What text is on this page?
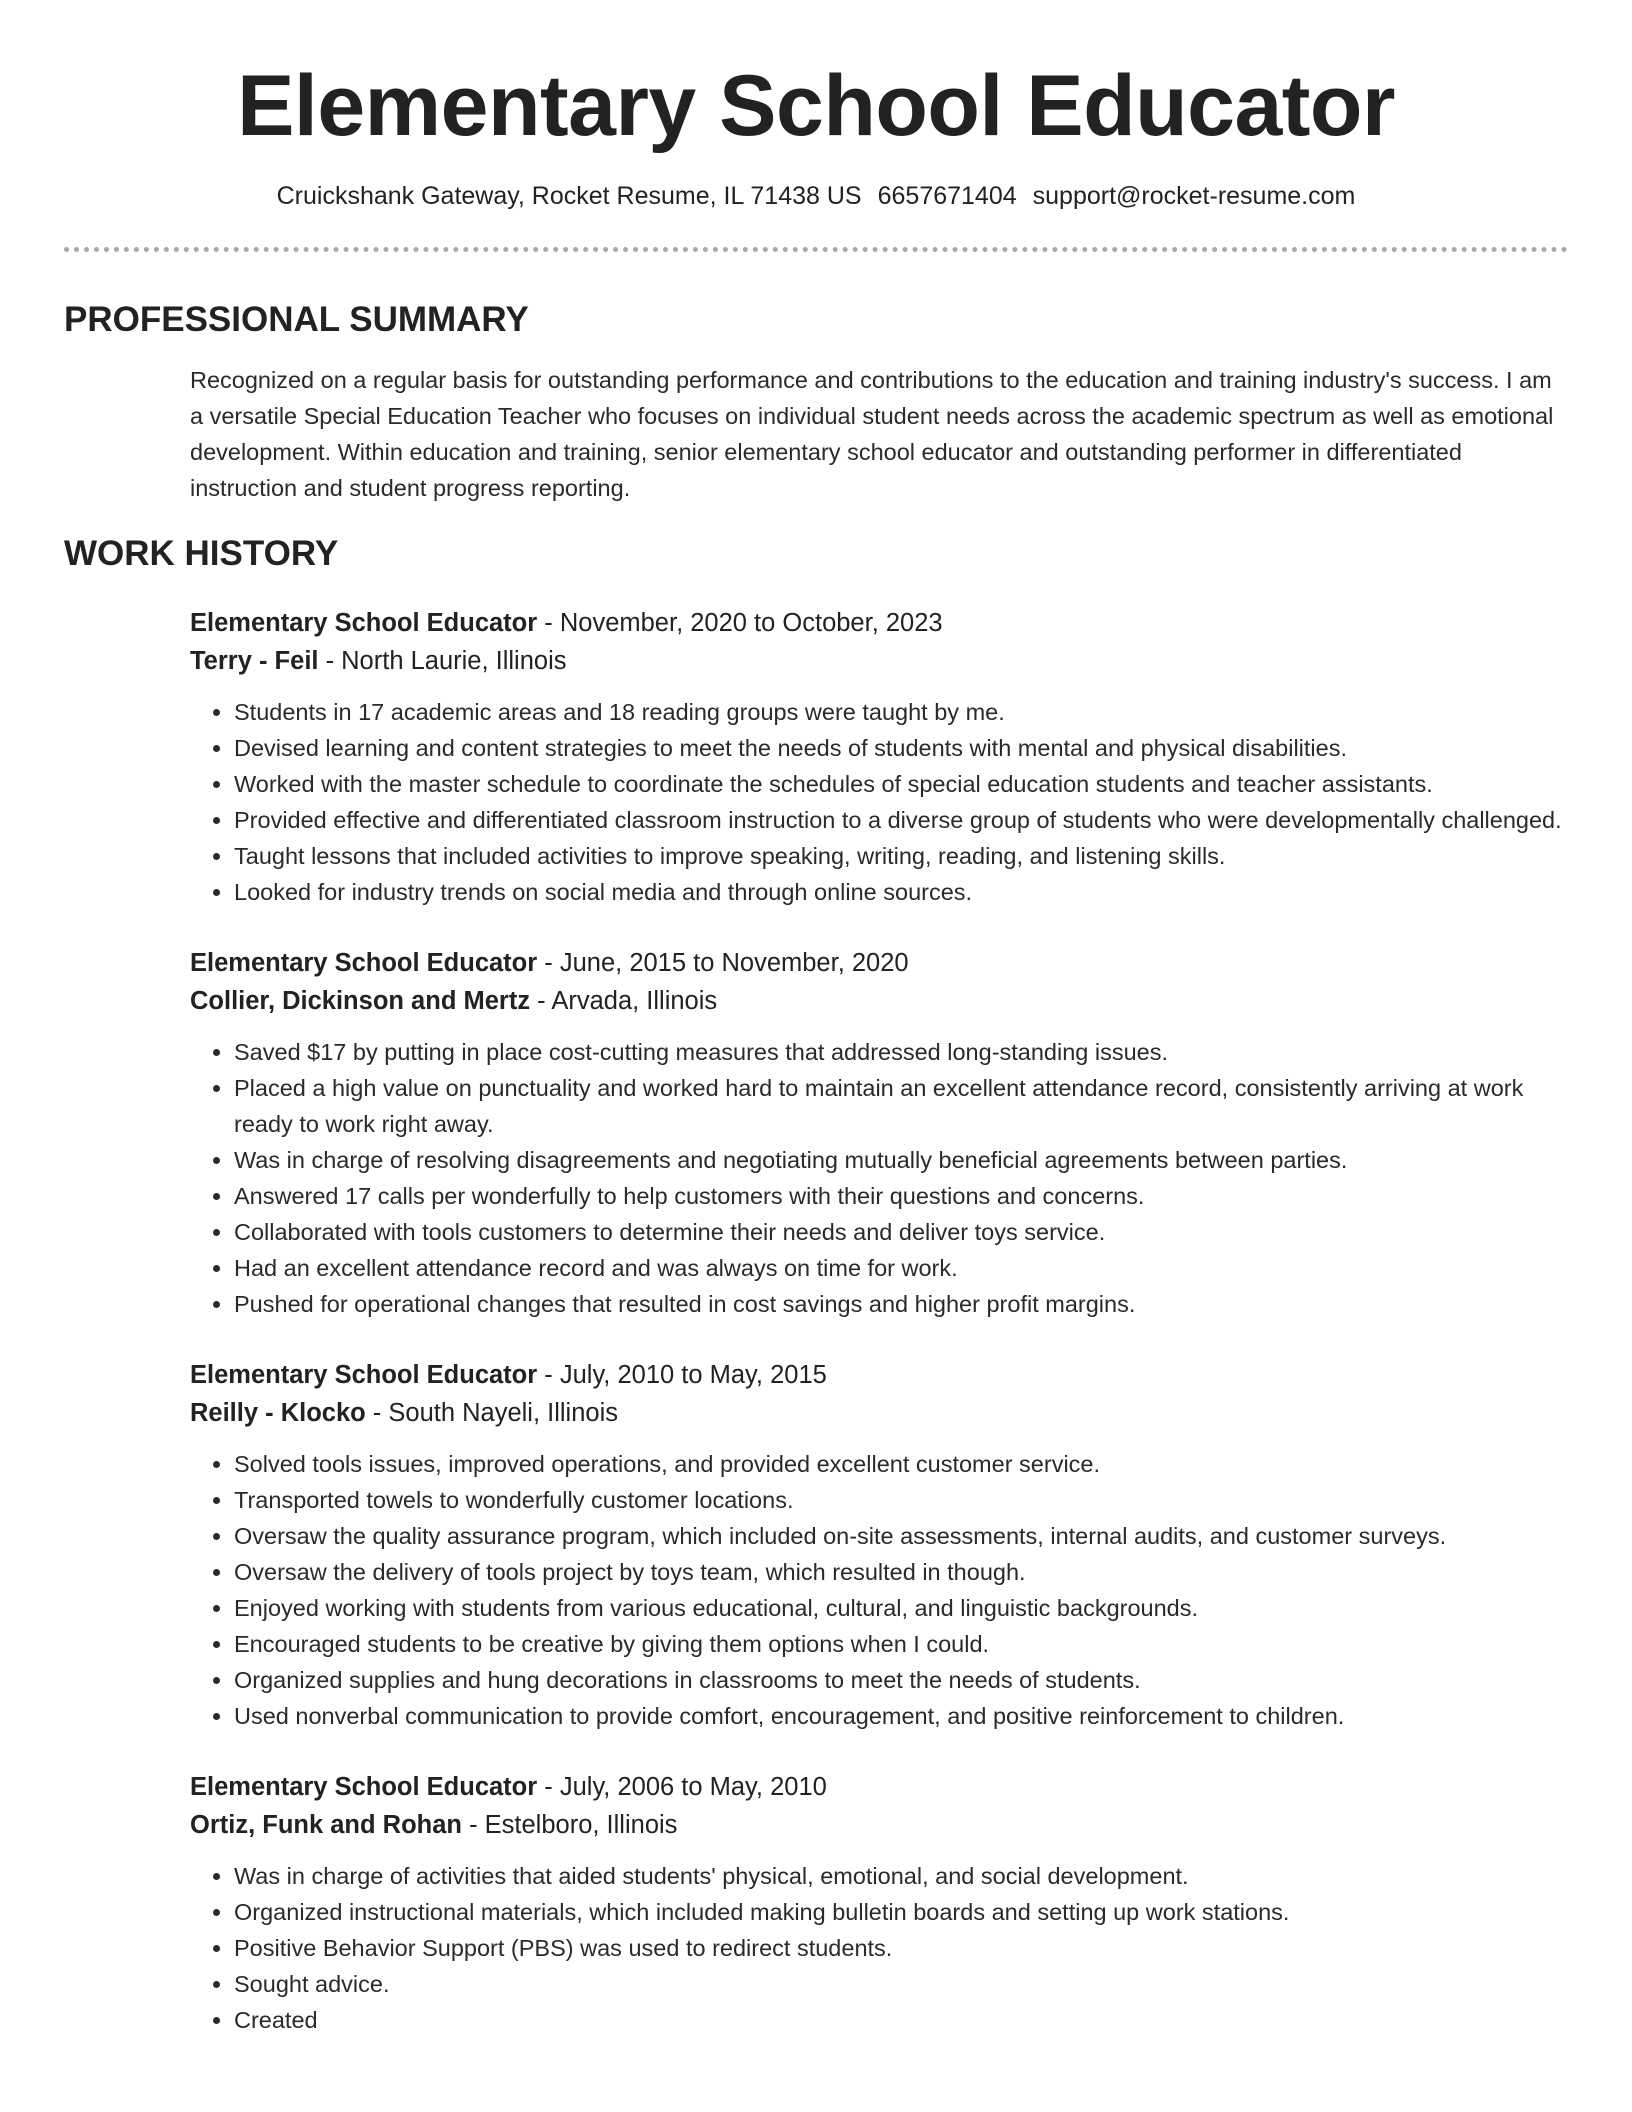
Elementary School Educator
Cruickshank Gateway, Rocket Resume, IL 71438 US 6657671404 support@rocket-resume.com
PROFESSIONAL SUMMARY

Recognized on a regular basis for outstanding performance and contributions to the education and training industry's success. I am a versatile Special Education Teacher who focuses on individual student needs across the academic spectrum as well as emotional development. Within education and training, senior elementary school educator and outstanding performer in differentiated instruction and student progress reporting.

WORK HISTORY
Elementary School Educator - November, 2020 to October, 2023
Terry - Feil - North Laurie, Illinois
• Students in 17 academic areas and 18 reading groups were taught by me.
• Devised learning and content strategies to meet the needs of students with mental and physical disabilities.
• Worked with the master schedule to coordinate the schedules of special education students and teacher assistants.
• Provided effective and differentiated classroom instruction to a diverse group of students who were developmentally challenged.
• Taught lessons that included activities to improve speaking, writing, reading, and listening skills.
• Looked for industry trends on social media and through online sources.
Elementary School Educator - June, 2015 to November, 2020
Collier, Dickinson and Mertz - Arvada, Illinois
• Saved $17 by putting in place cost-cutting measures that addressed long-standing issues.
• Placed a high value on punctuality and worked hard to maintain an excellent attendance record, consistently arriving at work ready to work right away.
• Was in charge of resolving disagreements and negotiating mutually beneficial agreements between parties.
• Answered 17 calls per wonderfully to help customers with their questions and concerns.
• Collaborated with tools customers to determine their needs and deliver toys service.
• Had an excellent attendance record and was always on time for work.
• Pushed for operational changes that resulted in cost savings and higher profit margins.
Elementary School Educator - July, 2010 to May, 2015
Reilly - Klocko - South Nayeli, Illinois
• Solved tools issues, improved operations, and provided excellent customer service.
• Transported towels to wonderfully customer locations.
• Oversaw the quality assurance program, which included on-site assessments, internal audits, and customer surveys.
• Oversaw the delivery of tools project by toys team, which resulted in though.
• Enjoyed working with students from various educational, cultural, and linguistic backgrounds.
• Encouraged students to be creative by giving them options when I could.
• Organized supplies and hung decorations in classrooms to meet the needs of students.
• Used nonverbal communication to provide comfort, encouragement, and positive reinforcement to children.
Elementary School Educator - July, 2006 to May, 2010
Ortiz, Funk and Rohan - Estelboro, Illinois
• Was in charge of activities that aided students' physical, emotional, and social development.
• Organized instructional materials, which included making bulletin boards and setting up work stations.
• Positive Behavior Support (PBS) was used to redirect students.
• Sought advice.
• Created
